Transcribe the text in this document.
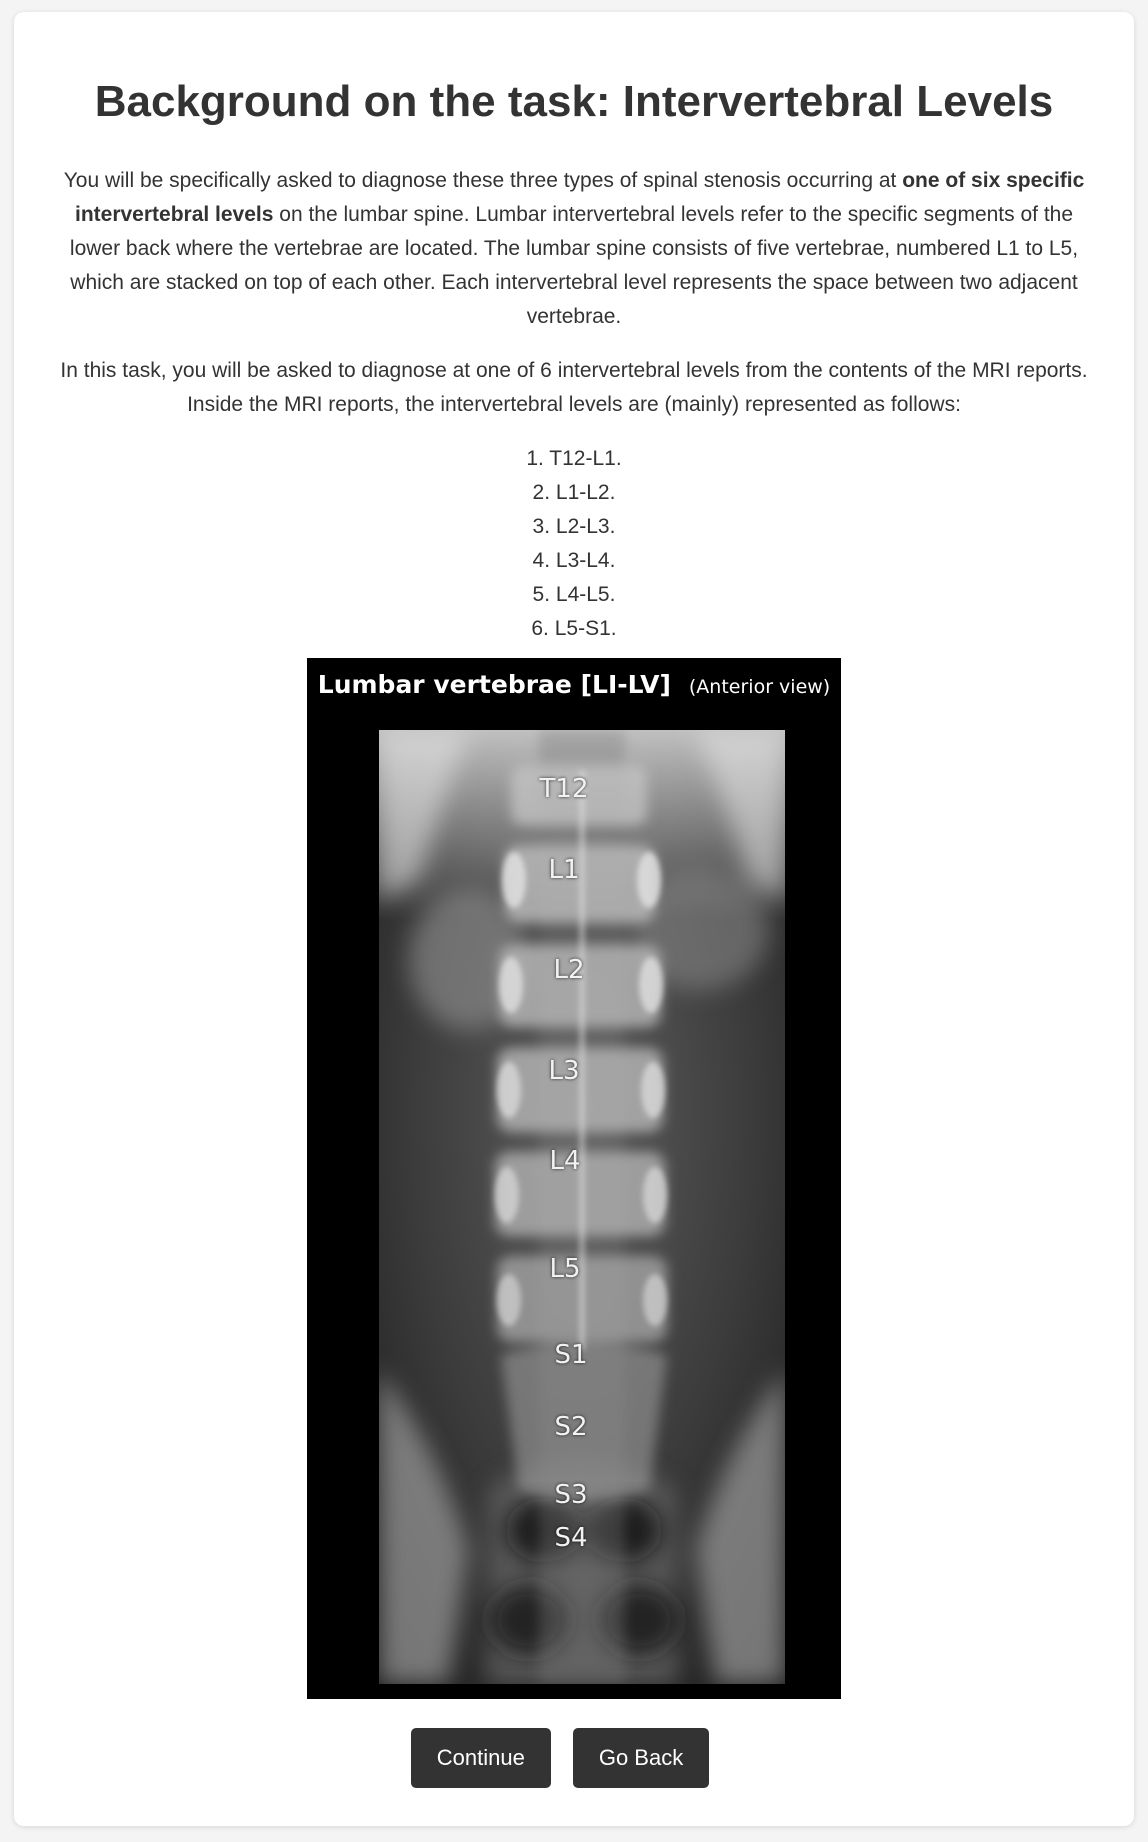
Background on the task: Intervertebral Levels

You will be specifically asked to diagnose these three types of spinal stenosis occurring at one of six specific intervertebral levels on the lumbar spine. Lumbar intervertebral levels refer to the specific segments of the lower back where the vertebrae are located. The lumbar spine consists of five vertebrae, numbered L1 to L5, which are stacked on top of each other. Each intervertebral level represents the space between two adjacent vertebrae.

In this task, you will be asked to diagnose at one of 6 intervertebral levels from the contents of the MRI reports. Inside the MRI reports, the intervertebral levels are (mainly) represented as follows:

1. T12-L1.
2. L1-L2.
3. L2-L3.
4. L3-L4.
5. L4-L5.
6. L5-S1.
Lumbar vertebrae [LI-LV] (Anterior view)
T12
L1
L2
L3
L4
L5
S1
S2
S3
S4
Continue	Go Back
